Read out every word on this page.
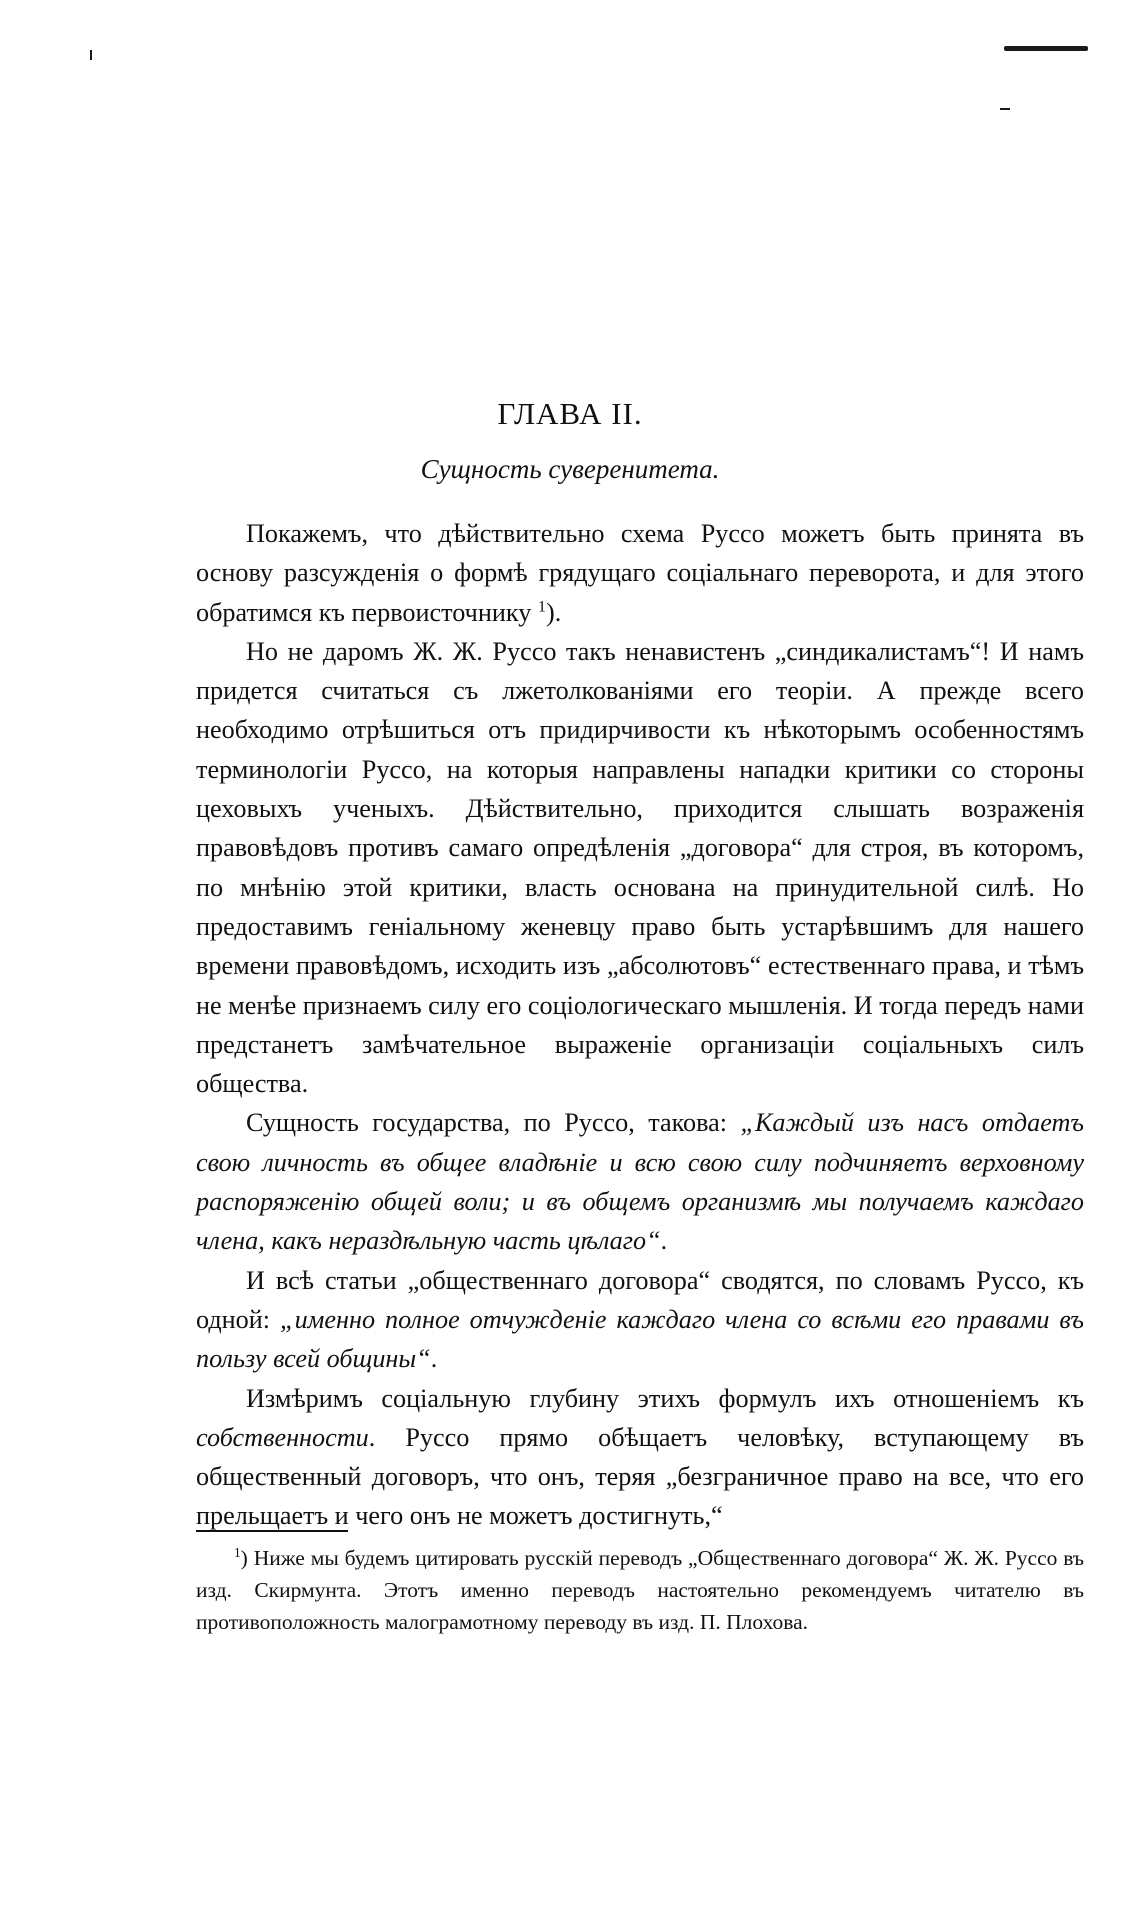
ГЛАВА II.
Сущность суверенитета.

Покажемъ, что дѣйствительно схема Руссо можетъ быть принята въ основу разсужденія о формѣ грядущаго соціальнаго переворота, и для этого обратимся къ первоисточнику $^1$).

Но не даромъ Ж. Ж. Руссо такъ ненавистенъ „синдикалистамъ“! И намъ придется считаться съ лжетолкованіями его теоріи. А прежде всего необходимо отрѣшиться отъ придирчивости къ нѣкоторымъ особенностямъ терминологіи Руссо, на которыя направлены нападки критики со стороны цеховыхъ ученыхъ. Дѣйствительно, приходится слышать возраженія правовѣдовъ противъ самаго опредѣленія „договора“ для строя, въ которомъ, по мнѣнію этой критики, власть основана на принудительной силѣ. Но предоставимъ геніальному женевцу право быть устарѣвшимъ для нашего времени правовѣдомъ, исходить изъ „абсолютовъ“ естественнаго права, и тѣмъ не менѣе признаемъ силу его соціологическаго мышленія. И тогда передъ нами предстанетъ замѣчательное выраженіе организаціи соціальныхъ силъ общества.

Сущность государства, по Руссо, такова: „Каждый изъ насъ отдаетъ свою личность въ общее владѣніе и всю свою силу подчиняетъ верховному распоряженію общей воли; и въ общемъ организмѣ мы получаемъ каждаго члена, какъ нераздѣльную часть цѣлаго“.

И всѣ статьи „общественнаго договора“ сводятся, по словамъ Руссо, къ одной: „именно полное отчужденіе каждаго члена со всѣми его правами въ пользу всей общины“.

Измѣримъ соціальную глубину этихъ формулъ ихъ отношеніемъ къ собственности. Руссо прямо обѣщаетъ человѣку, вступающему въ общественный договоръ, что онъ, теряя „безграничное право на все, что его прельщаетъ и чего онъ не можетъ достигнуть,“

$^1$) Ниже мы будемъ цитировать русскій переводъ „Общественнаго договора“ Ж. Ж. Руссо въ изд. Скирмунта. Этотъ именно переводъ настоятельно рекомендуемъ читателю въ противоположность малограмотному переводу въ изд. П. Плохова.
